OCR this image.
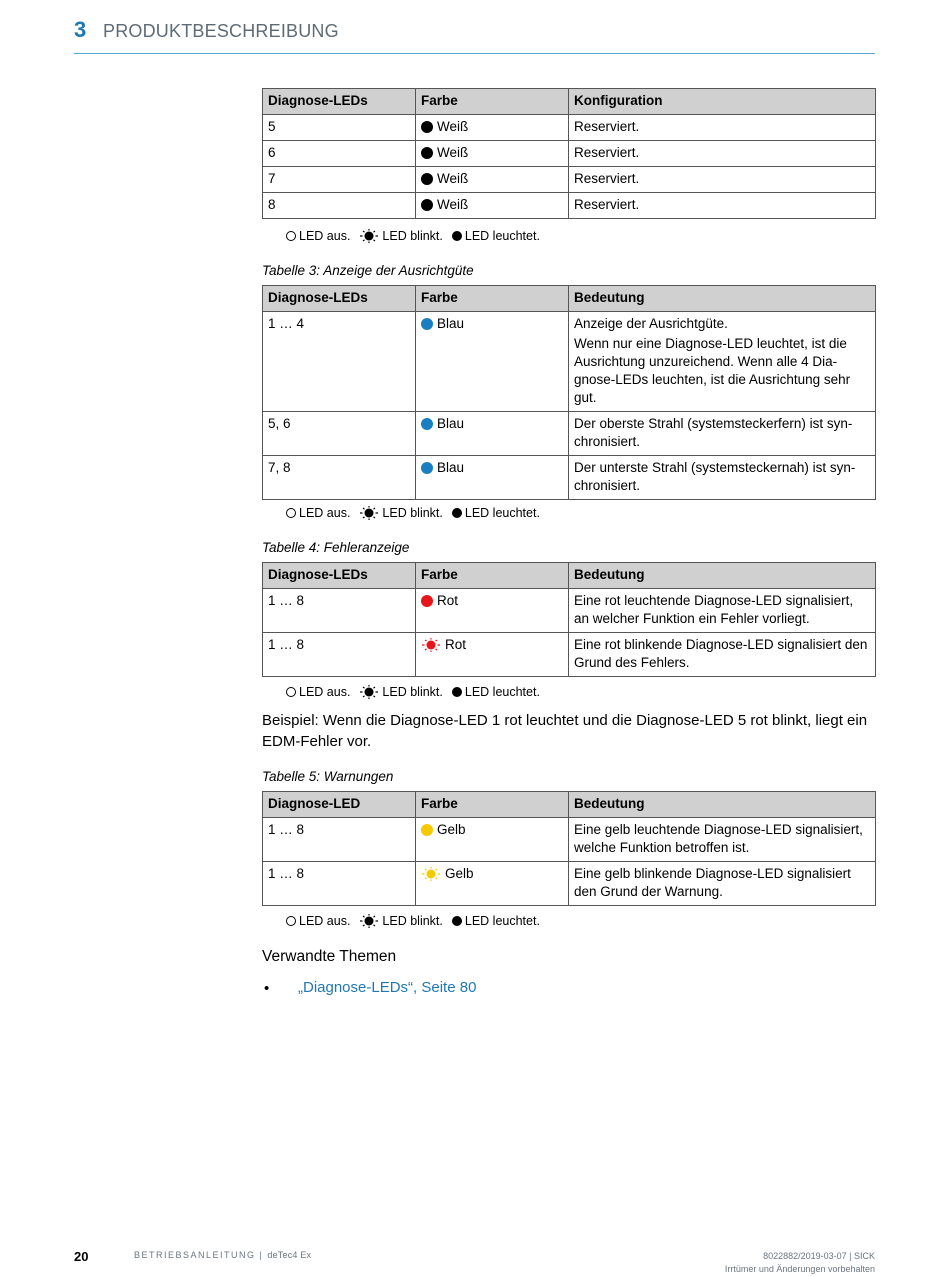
3 PRODUKTBESCHREIBUNG
Diagnose-LEDs	Farbe	Konfiguration
5	Weiß	Reserviert.
6	Weiß	Reserviert.
7	Weiß	Reserviert.
8	Weiß	Reserviert.
LED aus.	LED blinkt. LED leuchtet.
Tabelle 3: Anzeige der Ausrichtgüte
Diagnose-LEDs	Farbe	Bedeutung
1 … 4	Blau	Anzeige der Ausrichtgüte.

Wenn nur eine Diagnose-LED leuchtet, ist die Ausrichtung unzureichend. Wenn alle 4 Diagnose-LEDs leuchten, ist die Ausrichtung sehr gut.

5, 6	Blau	Der oberste Strahl (systemsteckerfern) ist synchronisiert.
7, 8	Blau	Der unterste Strahl (systemsteckernah) ist synchronisiert.
LED aus.	LED blinkt. LED leuchtet.
Tabelle 4: Fehleranzeige
Diagnose-LEDs	Farbe	Bedeutung
1 … 8	Rot	Eine rot leuchtende Diagnose-LED signalisiert, an welcher Funktion ein Fehler vorliegt.
1 … 8	Rot	Eine rot blinkende Diagnose-LED signalisiert den Grund des Fehlers.
LED aus.	LED blinkt. LED leuchtet.
Beispiel: Wenn die Diagnose-LED 1 rot leuchtet und die Diagnose-LED 5 rot blinkt, liegt ein EDM-Fehler vor.
Tabelle 5: Warnungen
Diagnose-LED	Farbe	Bedeutung
1 … 8	Gelb	Eine gelb leuchtende Diagnose-LED signalisiert, welche Funktion betroffen ist.
1 … 8	Gelb	Eine gelb blinkende Diagnose-LED signalisiert den Grund der Warnung.
LED aus.	LED blinkt. LED leuchtet.
Verwandte Themen
• „Diagnose-LEDs“, Seite 80
20	BETRIEBSANLEITUNG | deTec4 Ex	8022882/2019-03-07 | SICK
Irrtümer und Änderungen vorbehalten
